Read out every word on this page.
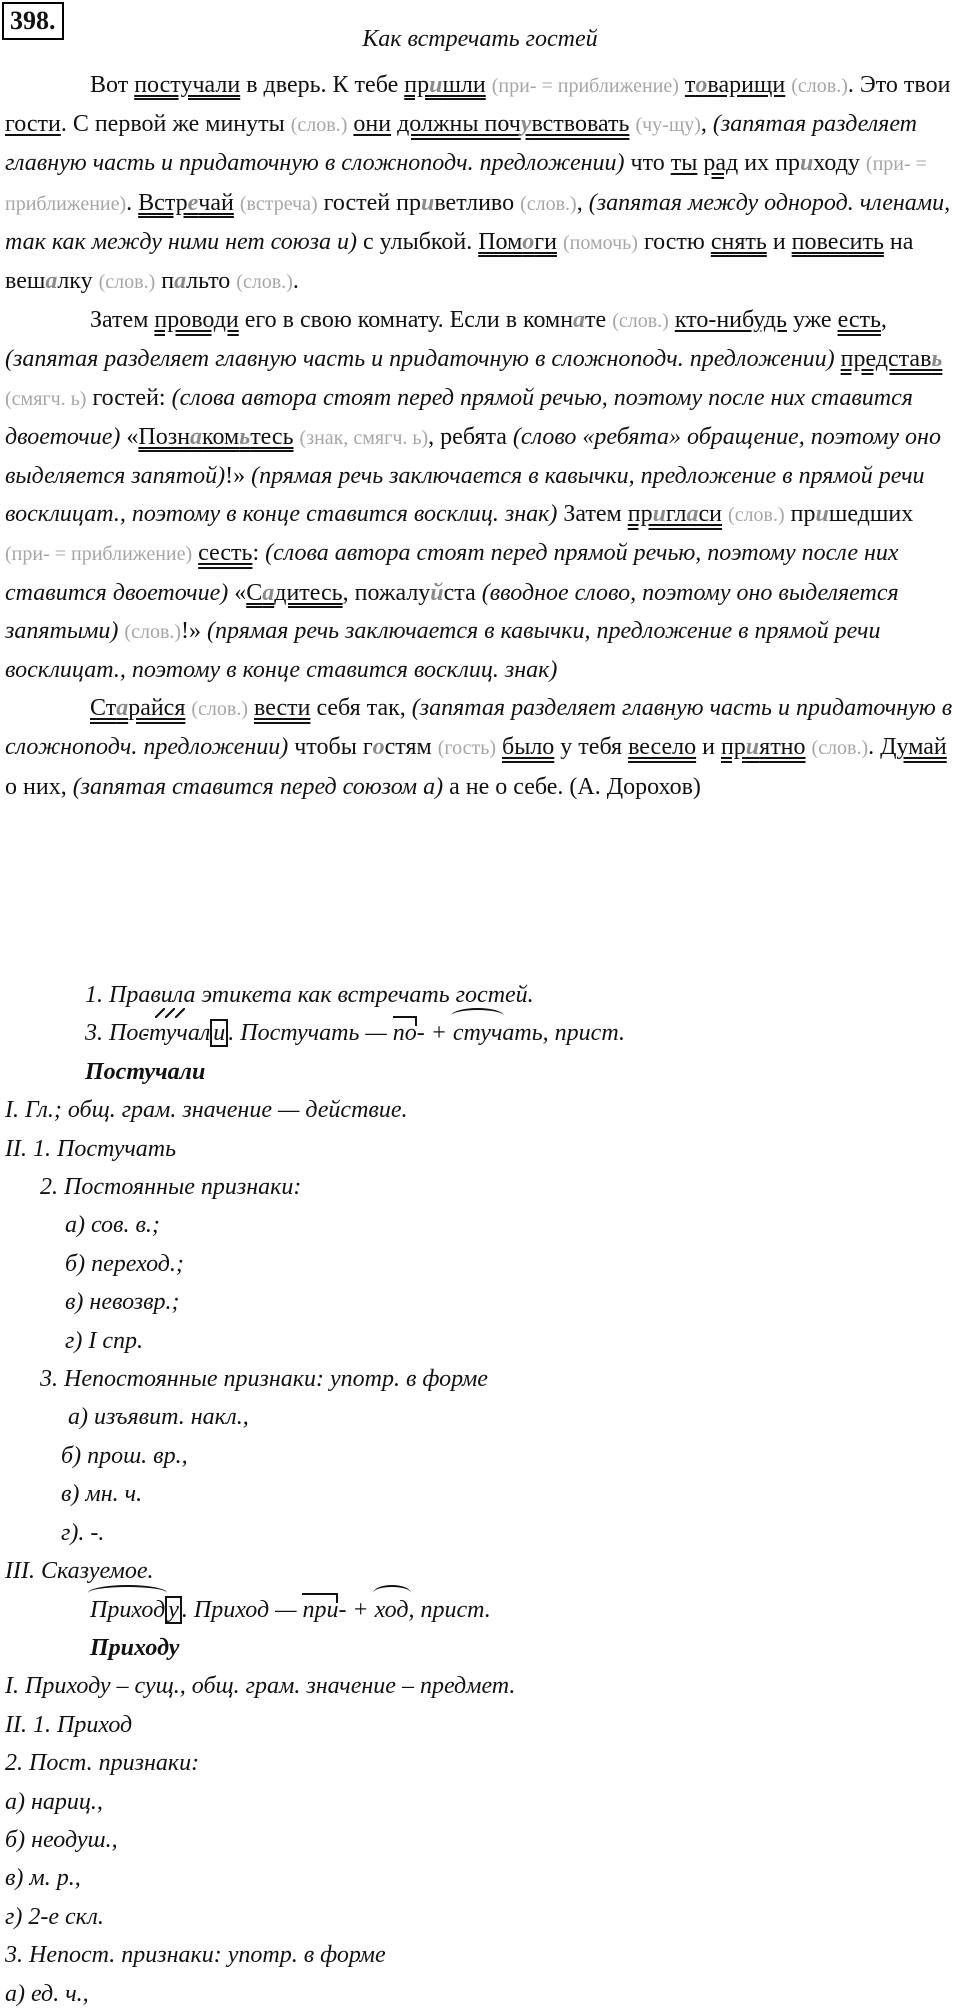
398.
Как встречать гостей

Вот постучали в дверь. К тебе пришли (при- = приближение) товарищи (слов.). Это твои гости. С первой же минуты (слов.) они должны почувствовать (чу-щу), (запятая разделяет главную часть и придаточную в сложноподч. предложении) что ты рад их приходу (при- = приближение). Встречай (встреча) гостей приветливо (слов.), (запятая между однород. членами, так как между ними нет союза и) с улыбкой. Помоги (помочь) гостю снять и повесить на вешалку (слов.) пальто (слов.).

Затем проводи его в свою комнату. Если в комнате (слов.) кто-нибудь уже есть, (запятая разделяет главную часть и придаточную в сложноподч. предложении) представь (смягч. ь) гостей: (слова автора стоят перед прямой речью, поэтому после них ставится двоеточие) «Познакомьтесь (знак, смягч. ь), ребята (слово «ребята» обращение, поэтому оно выделяется запятой)!» (прямая речь заключается в кавычки, предложение в прямой речи восклицат., поэтому в конце ставится восклиц. знак) Затем пригласи (слов.) пришедших (при- = приближение) сесть: (слова автора стоят перед прямой речью, поэтому после них ставится двоеточие) «Садитесь, пожалуйста (вводное слово, поэтому оно выделяется запятыми) (слов.)!» (прямая речь заключается в кавычки, предложение в прямой речи восклицат., поэтому в конце ставится восклиц. знак)

Старайся (слов.) вести себя так, (запятая разделяет главную часть и придаточную в сложноподч. предложении) чтобы гостям (гость) было у тебя весело и приятно (слов.). Думай о них, (запятая ставится перед союзом а) а не о себе. (А. Дорохов)

1. Правила этикета как встречать гостей.
3. Постучал и . Постучать — по- + стучать, прист.
Постучали
I. Гл.; общ. грам. значение — действие.
II. 1. Постучать
2. Постоянные признаки:
а) сов. в.;
б) переход.;
в) невозвр.;
г) I спр.
3. Непостоянные признаки: употр. в форме
а) изъявит. накл.,
б) прош. вр.,
в) мн. ч.
г). -.
III. Сказуемое.
Приход у . Приход — при- + ход, прист.
Приходу
I. Приходу – сущ., общ. грам. значение – предмет.
II. 1. Приход
2. Пост. признаки:
а) нариц.,
б) неодуш.,
в) м. р.,
г) 2-е скл.
3. Непост. признаки: употр. в форме
а) ед. ч.,
